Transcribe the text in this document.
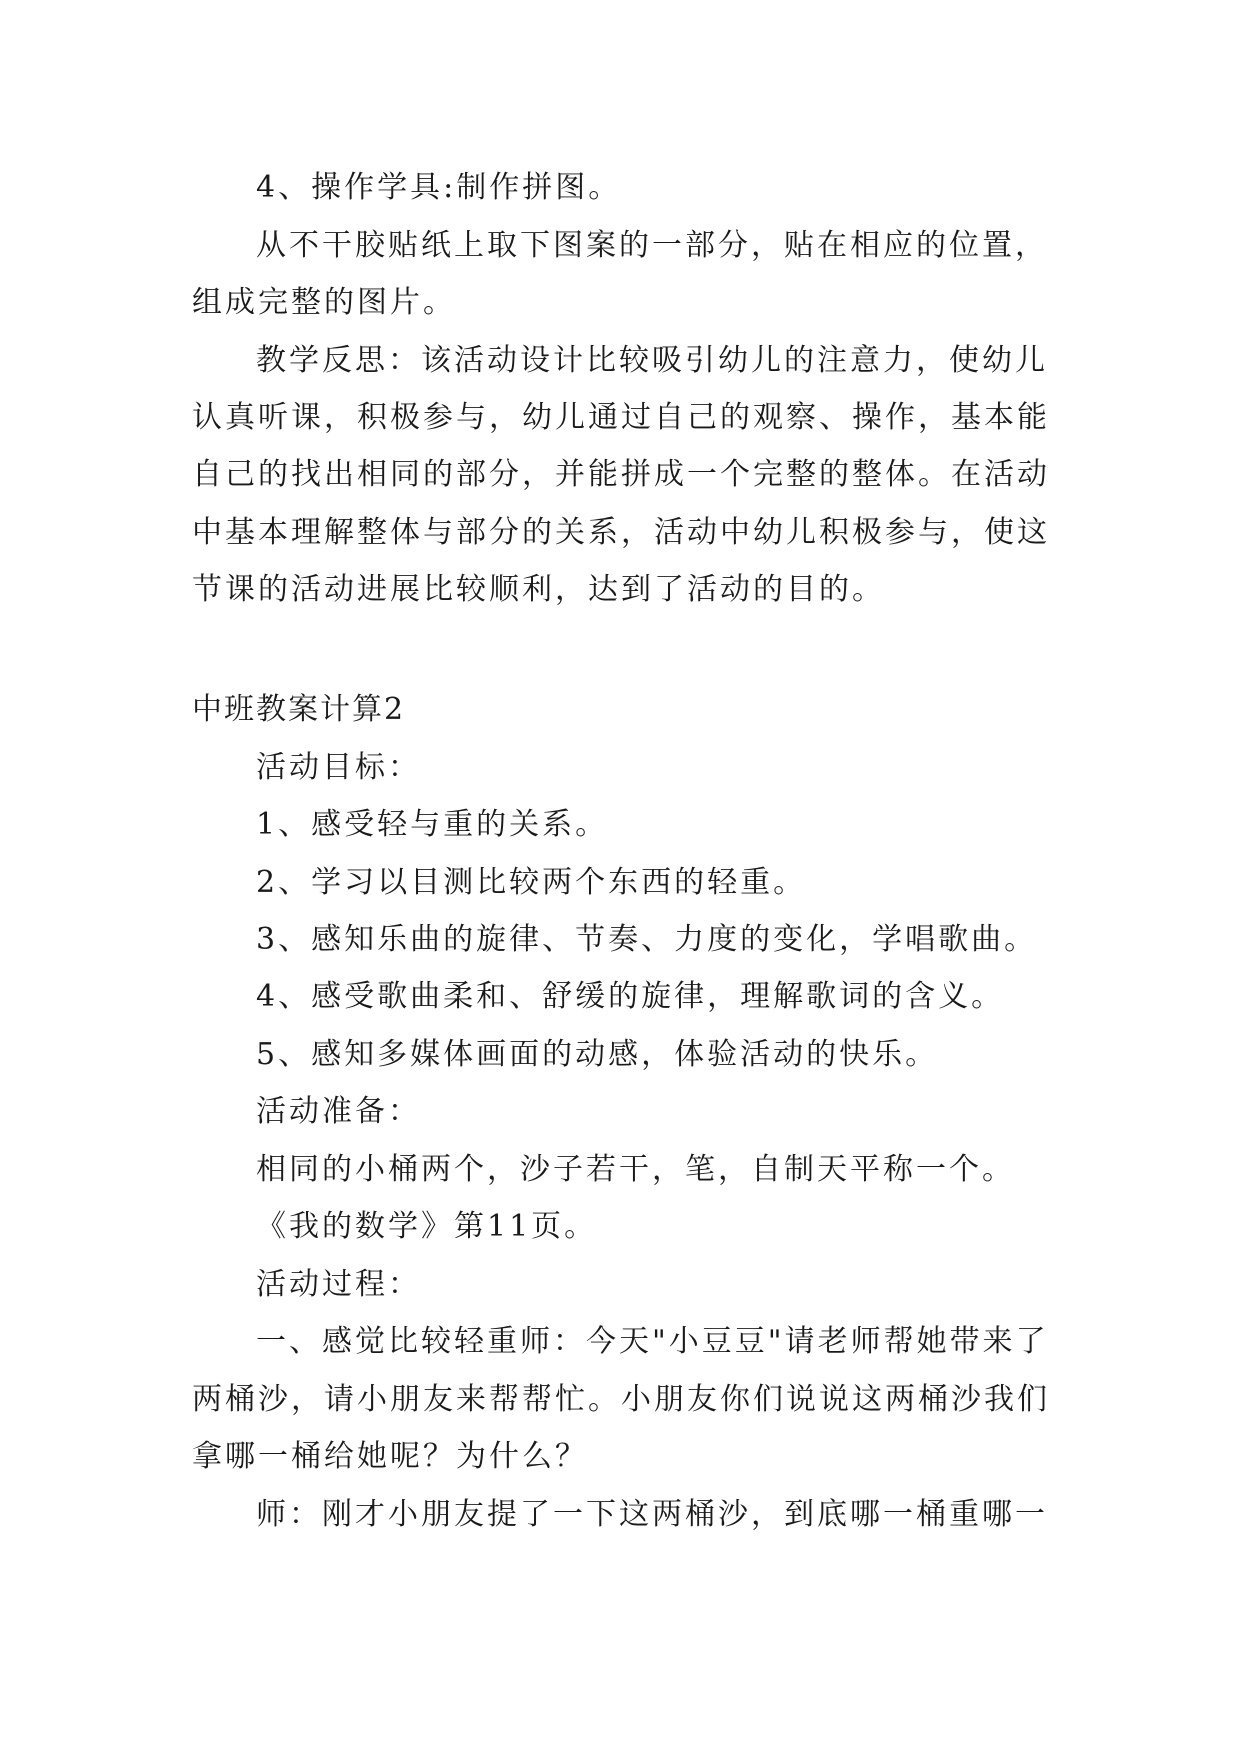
4、操作学具:制作拼图。
从不干胶贴纸上取下图案的一部分，贴在相应的位置，
组成完整的图片。
教学反思：该活动设计比较吸引幼儿的注意力，使幼儿
认真听课，积极参与，幼儿通过自己的观察、操作，基本能
自己的找出相同的部分，并能拼成一个完整的整体。在活动
中基本理解整体与部分的关系，活动中幼儿积极参与，使这
节课的活动进展比较顺利，达到了活动的目的。
中班教案计算2
活动目标：
1、感受轻与重的关系。
2、学习以目测比较两个东西的轻重。
3、感知乐曲的旋律、节奏、力度的变化，学唱歌曲。
4、感受歌曲柔和、舒缓的旋律，理解歌词的含义。
5、感知多媒体画面的动感，体验活动的快乐。
活动准备：
相同的小桶两个，沙子若干，笔，自制天平称一个。
《我的数学》第11页。
活动过程：
一、感觉比较轻重师：今天"小豆豆"请老师帮她带来了
两桶沙，请小朋友来帮帮忙。小朋友你们说说这两桶沙我们
拿哪一桶给她呢？为什么？
师：刚才小朋友提了一下这两桶沙，到底哪一桶重哪一
